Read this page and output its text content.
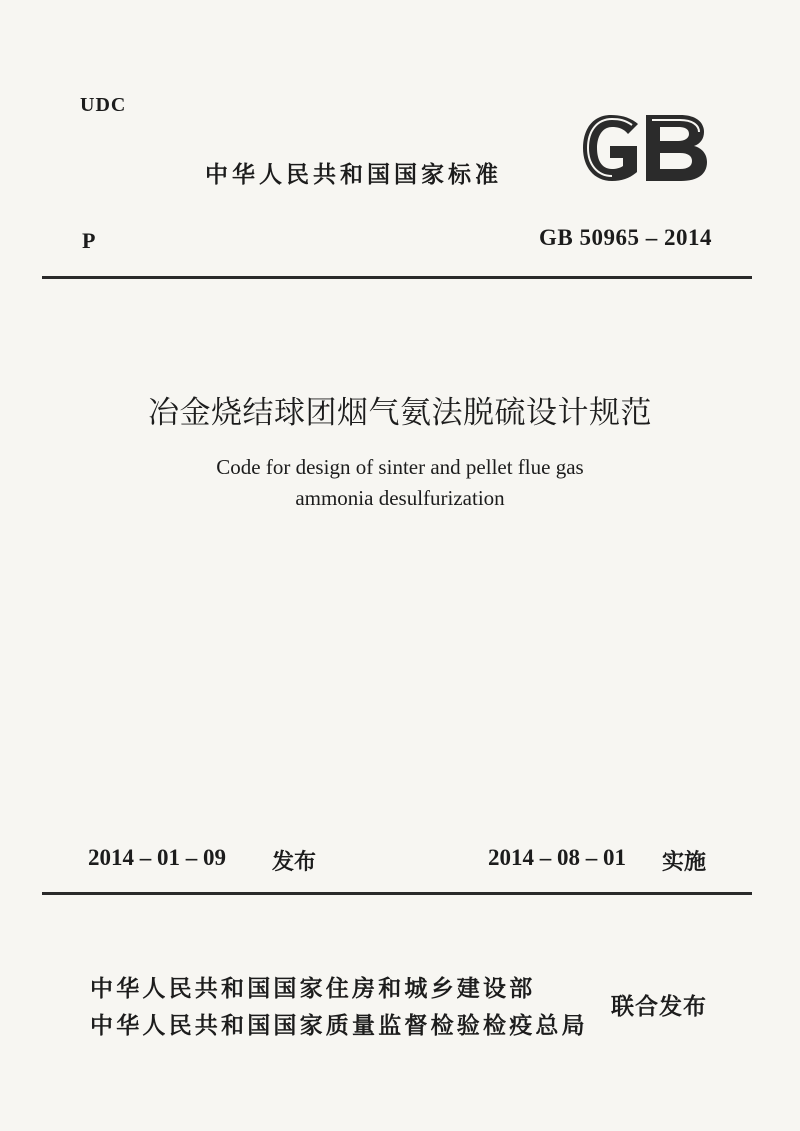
UDC
中华人民共和国国家标准
P	GB 50965 – 2014
冶金烧结球团烟气氨法脱硫设计规范
Code for design of sinter and pellet flue gas
ammonia desulfurization
2014 – 01 – 09 发布	2014 – 08 – 01 实施
中华人民共和国国家住房和城乡建设部
中华人民共和国国家质量监督检验检疫总局
联合发布
